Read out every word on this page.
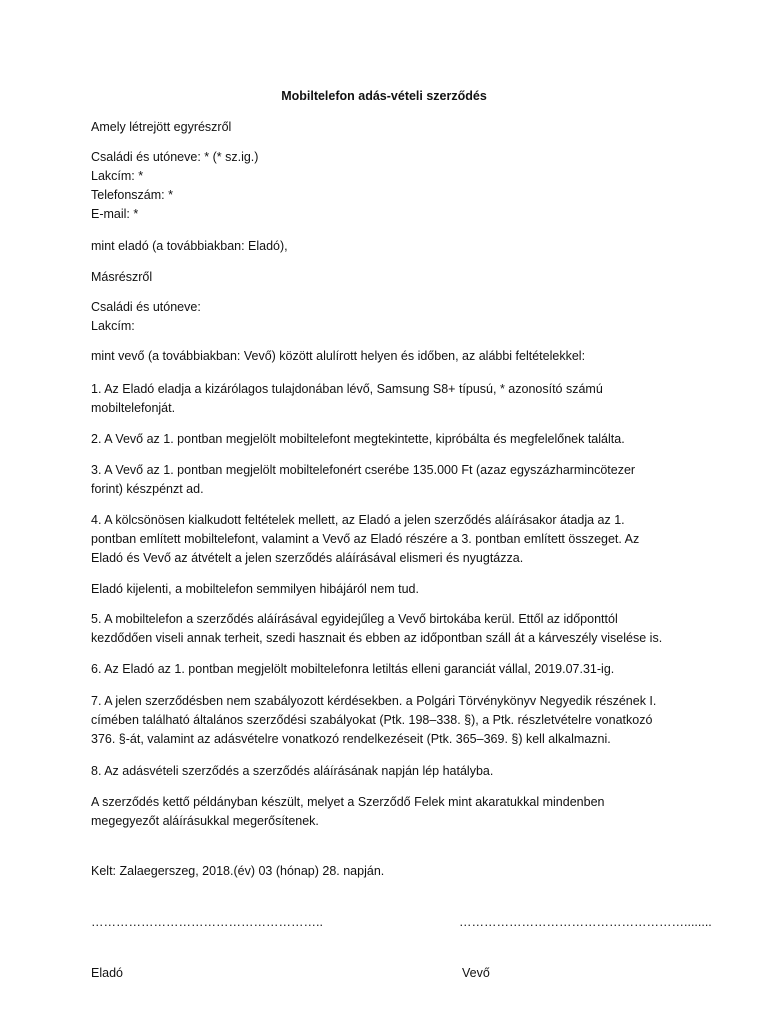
Mobiltelefon adás-vételi szerződés

Amely létrejött egyrészről

Családi és utóneve: * (* sz.ig.)
Lakcím: *
Telefonszám: *
E-mail: *

mint eladó (a továbbiakban: Eladó),

Másrészről

Családi és utóneve:
Lakcím:

mint vevő (a továbbiakban: Vevő) között alulírott helyen és időben, az alábbi feltételekkel:

1. Az Eladó eladja a kizárólagos tulajdonában lévő, Samsung S8+ típusú, * azonosító számú
mobiltelefonját.

2. A Vevő az 1. pontban megjelölt mobiltelefont megtekintette, kipróbálta és megfelelőnek találta.

3. A Vevő az 1. pontban megjelölt mobiltelefonért cserébe 135.000 Ft (azaz egyszázharmincötezer
forint) készpénzt ad.

4. A kölcsönösen kialkudott feltételek mellett, az Eladó a jelen szerződés aláírásakor átadja az 1.
pontban említett mobiltelefont, valamint a Vevő az Eladó részére a 3. pontban említett összeget. Az
Eladó és Vevő az átvételt a jelen szerződés aláírásával elismeri és nyugtázza.

Eladó kijelenti, a mobiltelefon semmilyen hibájáról nem tud.

5. A mobiltelefon a szerződés aláírásával egyidejűleg a Vevő birtokába kerül. Ettől az időponttól
kezdődően viseli annak terheit, szedi hasznait és ebben az időpontban száll át a kárveszély viselése is.

6. Az Eladó az 1. pontban megjelölt mobiltelefonra letiltás elleni garanciát vállal, 2019.07.31-ig.

7. A jelen szerződésben nem szabályozott kérdésekben. a Polgári Törvénykönyv Negyedik részének I.
címében található általános szerződési szabályokat (Ptk. 198–338. §), a Ptk. részletvételre vonatkozó
376. §-át, valamint az adásvételre vonatkozó rendelkezéseit (Ptk. 365–369. §) kell alkalmazni.

8. Az adásvételi szerződés a szerződés aláírásának napján lép hatályba.

A szerződés kettő példányban készült, melyet a Szerződő Felek mint akaratukkal mindenben
megegyezőt aláírásukkal megerősítenek.

Kelt: Zalaegerszeg, 2018.(év) 03 (hónap) 28. napján.

………………………………………………..	………………………………………………........
Eladó	Vevő
